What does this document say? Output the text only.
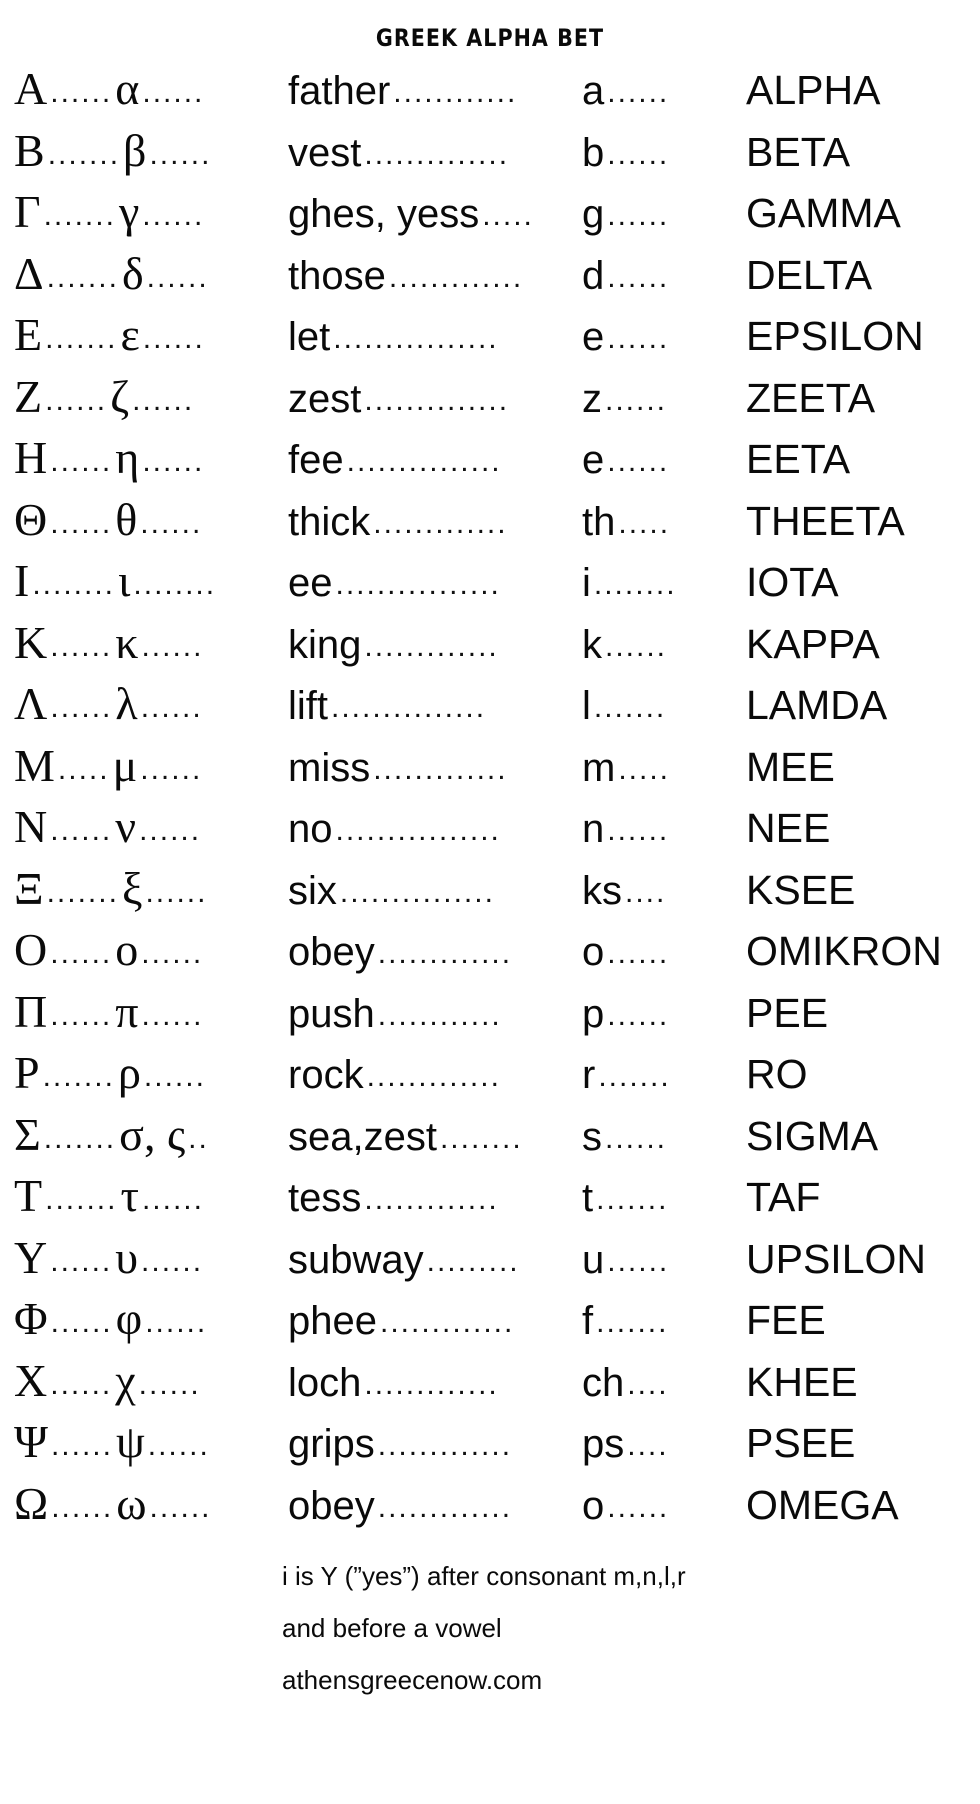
GREEK ALPHA BET
Α ...... α ......	father ............	a ......	ALPHA
Β ....... β ......	vest ..............	b ......	BETA
Γ ....... γ ......	ghes, yess .....	g ......	GAMMA
Δ ....... δ ......	those .............	d ......	DELTA
Ε ....... ε ......	let ................	e ......	EPSILON
Ζ ...... ζ ......	zest ..............	z ......	ZEETA
Η ...... η ......	fee ...............	e ......	EETA
Θ ...... θ ......	thick .............	th .....	THEETA
Ι ........ ι ........	ee ................	i ........	IOTA
Κ ...... κ ......	king .............	k ......	KAPPA
Λ ...... λ ......	lift ...............	l .......	LAMDA
Μ ..... μ ......	miss .............	m .....	MEE
Ν ...... ν ......	no ................	n ......	NEE
Ξ ....... ξ ......	six ...............	ks ....	KSEE
Ο ...... ο ......	obey .............	o ......	OMIKRON
Π ...... π ......	push ............	p ......	PEE
Ρ ....... ρ ......	rock .............	r .......	RO
Σ ....... σ, ς ..	sea,zest ........	s ......	SIGMA
Τ ....... τ ......	tess .............	t .......	TAF
Υ ...... υ ......	subway .........	u ......	UPSILON
Φ ...... φ ......	phee .............	f .......	FEE
Χ ...... χ ......	loch .............	ch ....	KHEE
Ψ ...... ψ ......	grips .............	ps ....	PSEE
Ω ...... ω ......	obey .............	o ......	OMEGA
i is Y (”yes”) after consonant m,n,l,r
and before a vowel
athensgreecenow.com
